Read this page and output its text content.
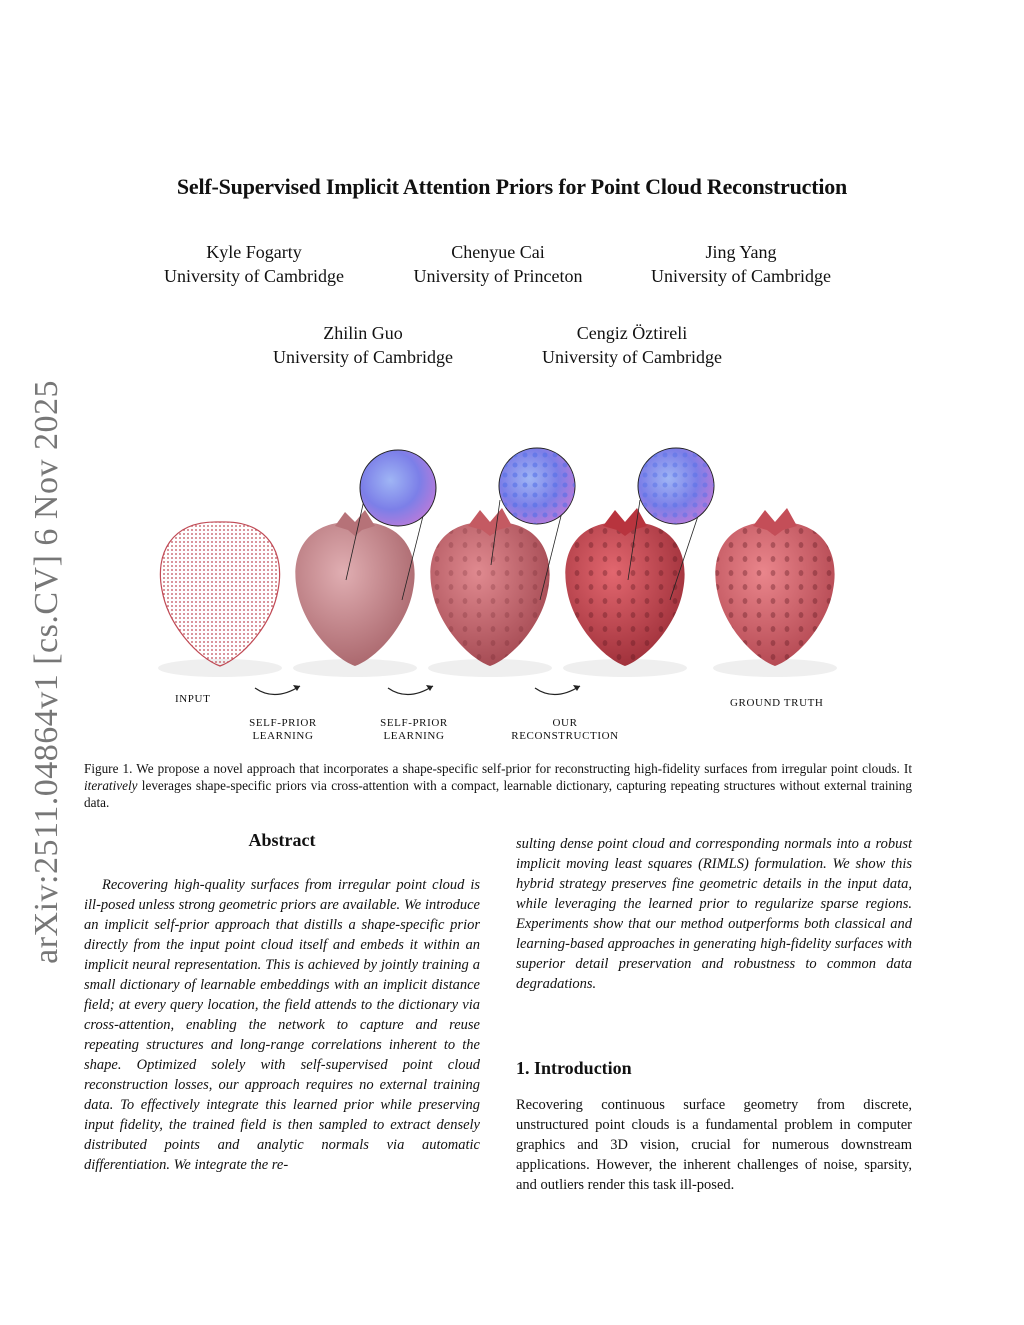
arXiv:2511.04864v1 [cs.CV] 6 Nov 2025
Self-Supervised Implicit Attention Priors for Point Cloud Reconstruction
Kyle Fogarty
University of Cambridge
Chenyue Cai
University of Princeton
Jing Yang
University of Cambridge
Zhilin Guo
University of Cambridge
Cengiz Öztireli
University of Cambridge
INPUT
SELF-PRIOR
LEARNING
SELF-PRIOR
LEARNING
OUR
RECONSTRUCTION
GROUND TRUTH
Figure 1. We propose a novel approach that incorporates a shape-specific self-prior for reconstructing high-fidelity surfaces from irregular point clouds. It iteratively leverages shape-specific priors via cross-attention with a compact, learnable dictionary, capturing repeating structures without external training data.
Abstract
Recovering high-quality surfaces from irregular point cloud is ill-posed unless strong geometric priors are available. We introduce an implicit self-prior approach that distills a shape-specific prior directly from the input point cloud itself and embeds it within an implicit neural representation. This is achieved by jointly training a small dictionary of learnable embeddings with an implicit distance field; at every query location, the field attends to the dictionary via cross-attention, enabling the network to capture and reuse repeating structures and long-range correlations inherent to the shape. Optimized solely with self-supervised point cloud reconstruction losses, our approach requires no external training data. To effectively integrate this learned prior while preserving input fidelity, the trained field is then sampled to extract densely distributed points and analytic normals via automatic differentiation. We integrate the re-
sulting dense point cloud and corresponding normals into a robust implicit moving least squares (RIMLS) formulation. We show this hybrid strategy preserves fine geometric details in the input data, while leveraging the learned prior to regularize sparse regions. Experiments show that our method outperforms both classical and learning-based approaches in generating high-fidelity surfaces with superior detail preservation and robustness to common data degradations.
1. Introduction
Recovering continuous surface geometry from discrete, unstructured point clouds is a fundamental problem in computer graphics and 3D vision, crucial for numerous downstream applications. However, the inherent challenges of noise, sparsity, and outliers render this task ill-posed.
